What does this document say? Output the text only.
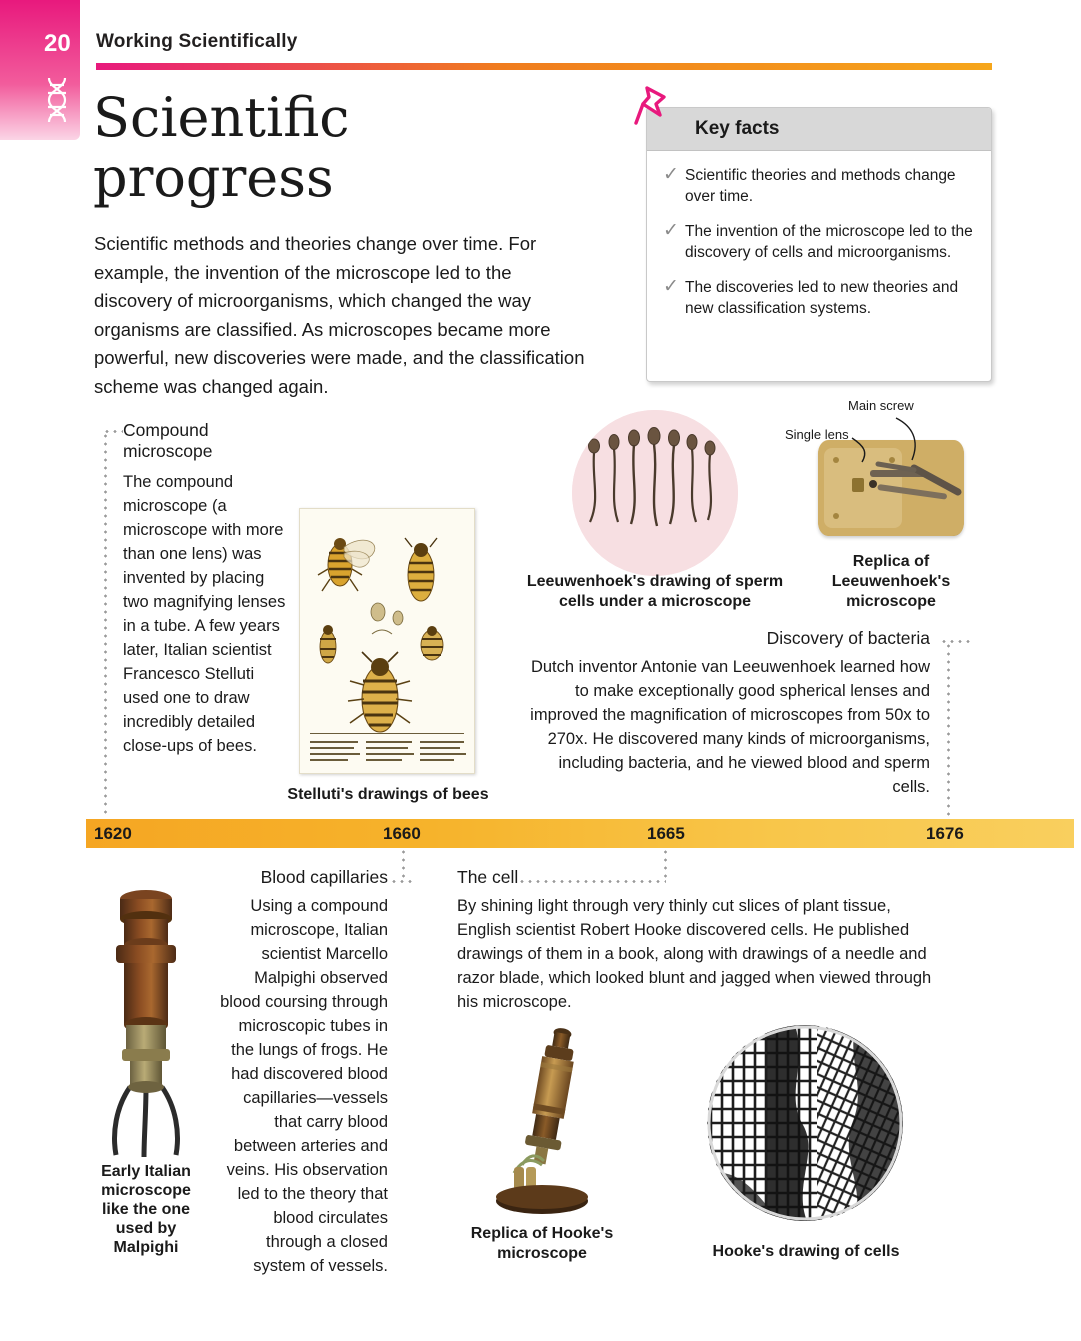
20 Working Scientifically
Scientific
progress
Scientific methods and theories change over time. For example, the invention of the microscope led to the discovery of microorganisms, which changed the way organisms are classified. As microscopes became more powerful, new discoveries were made, and the classification scheme was changed again.
Key facts
✓ Scientific theories and methods change over time.
✓ The invention of the microscope led to the discovery of cells and microorganisms.
✓ The discoveries led to new theories and new classification systems.
Compound microscope
The compound microscope (a microscope with more than one lens) was invented by placing two magnifying lenses in a tube. A few years later, Italian scientist Francesco Stelluti used one to draw incredibly detailed close-ups of bees.
Stelluti's drawings of bees
Leeuwenhoek's drawing of sperm cells under a microscope
Replica of Leeuwenhoek's microscope
Main screw
Single lens
Discovery of bacteria
Dutch inventor Antonie van Leeuwenhoek learned how to make exceptionally good spherical lenses and improved the magnification of microscopes from 50x to 270x. He discovered many kinds of microorganisms, including bacteria, and he viewed blood and sperm cells.
1620	1660	1665	1676
Blood capillaries
Using a compound microscope, Italian scientist Marcello Malpighi observed blood coursing through microscopic tubes in the lungs of frogs. He had discovered blood capillaries—vessels that carry blood between arteries and veins. His observation led to the theory that blood circulates through a closed system of vessels.
Early Italian microscope like the one used by Malpighi
The cell
By shining light through very thinly cut slices of plant tissue, English scientist Robert Hooke discovered cells. He published drawings of them in a book, along with drawings of a needle and razor blade, which looked blunt and jagged when viewed through his microscope.
Replica of Hooke's microscope	Hooke's drawing of cells
